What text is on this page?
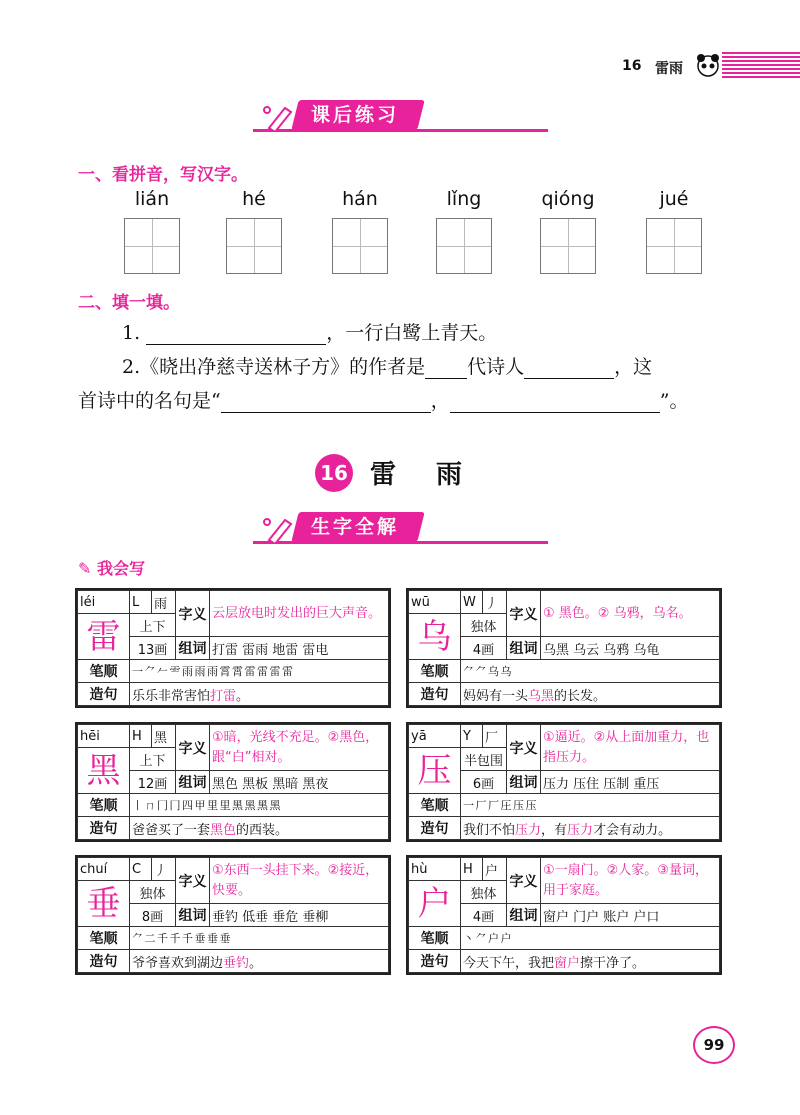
16 雷雨
课后练习
一、看拼音，写汉字。
lián	hé	hán	lǐng	qióng	jué
二、填一填。
1.	，一行白鹭上青天。
2.《晓出净慈寺送林子方》的作者是 代诗人	，这
首诗中的名句是“	，	”。
16 雷雨
生字全解
✎ 我会写
léi	L	雨	字义	云层放电时发出的巨大声音。
雷	上下			
	13画		组词	打雷 雷雨 地雷 雷电
笔顺	⼀ ⺈ 𠂉 ⻗ 雨 雨 雨 霄 霄 雷 雷 雷 雷			
造句	乐乐非常害怕打雷。			
wū	W	丿	字义	① 黑色。② 乌鸦，乌名。
乌	独体			
	4画		组词	乌黑 乌云 乌鸦 乌龟
笔顺	⺈ ⺈ 乌 乌			
造句	妈妈有一头乌黑的长发。			
hēi	H	黑	字义	①暗，光线不充足。②黑色，跟“白”相对。
黑	上下			
	12画		组词	黑色 黑板 黑暗 黑夜
笔顺	丨 ㄇ 冂 冂 四 甲 里 里 黑 黑 黑 黑			
造句	爸爸买了一套黑色的西装。			
yā	Y	厂	字义	①逼近。②从上面加重力，也指压力。
压	半包围			
	6画		组词	压力 压住 压制 重压
笔顺	一 厂 厂 圧 压 压			
造句	我们不怕压力，有压力才会有动力。			
chuí	C	丿	字义	①东西一头挂下来。②接近，快要。
垂	独体			
	8画		组词	垂钓 低垂 垂危 垂柳
笔顺	⺈ 二 千 千 千 垂 垂 垂			
造句	爷爷喜欢到湖边垂钓。			
hù	H	户	字义	①一扇门。②人家。③量词，用于家庭。
户	独体			
	4画		组词	窗户 门户 账户 户口
笔顺	丶 ⺈ 户 户			
造句	今天下午，我把窗户擦干净了。			
99
